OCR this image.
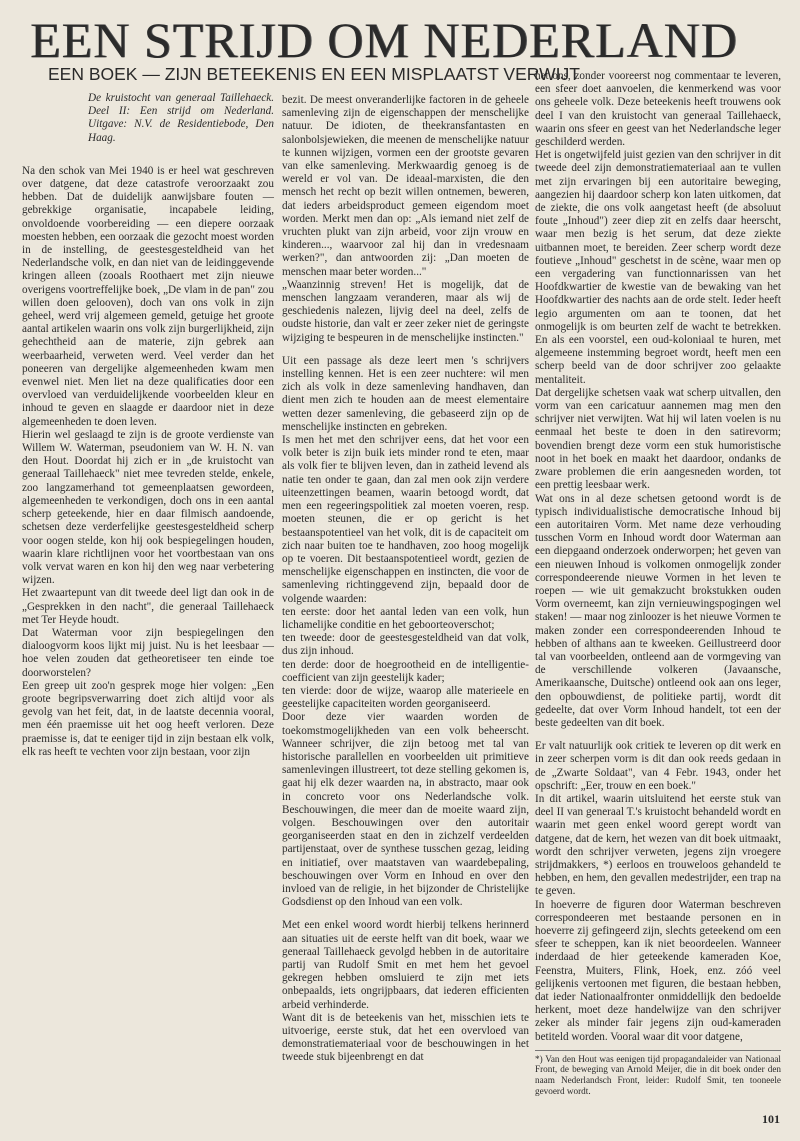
EEN STRIJD OM NEDERLAND
EEN BOEK — ZIJN BETEEKENIS EN EEN MISPLAATST VERWIJT

De kruistocht van generaal Taillehaeck. Deel II: Een strijd om Nederland. Uitgave: N.V. de Residentiebode, Den Haag.

Na den schok van Mei 1940 is er heel wat geschreven over datgene, dat deze catastrofe veroorzaakt zou hebben. Dat de duidelijk aanwijsbare fouten — gebrekkige organisatie, incapabele leiding, onvoldoende voorbereiding — een diepere oorzaak moesten hebben, een oorzaak die gezocht moest worden in de instelling, de geestesgesteldheid van het Nederlandsche volk, en dan niet van de leidinggevende kringen alleen (zooals Roothaert met zijn nieuwe overigens voortreffelijke boek, „De vlam in de pan" zou willen doen gelooven), doch van ons volk in zijn geheel, werd vrij algemeen gemeld, getuige het groote aantal artikelen waarin ons volk zijn burgerlijkheid, zijn gehechtheid aan de materie, zijn gebrek aan weerbaarheid, verweten werd. Veel verder dan het poneeren van dergelijke algemeenheden kwam men evenwel niet. Men liet na deze qualificaties door een overvloed van verduidelijkende voorbeelden kleur en inhoud te geven en slaagde er daardoor niet in deze algemeenheden te doen leven.

Hierin wel geslaagd te zijn is de groote verdienste van Willem W. Waterman, pseudoniem van W. H. N. van den Hout. Doordat hij zich er in „de kruistocht van generaal Taillehaeck" niet mee tevreden stelde, enkele, zoo langzamerhand tot gemeenplaatsen gewordeen, algemeenheden te verkondigen, doch ons in een aantal scherp geteekende, hier en daar filmisch aandoende, schetsen deze verderfelijke geestesgesteldheid scherp voor oogen stelde, kon hij ook bespiegelingen houden, waarin klare richtlijnen voor het voortbestaan van ons volk vervat waren en kon hij den weg naar verbetering wijzen.

Het zwaartepunt van dit tweede deel ligt dan ook in de „Gesprekken in den nacht", die generaal Taillehaeck met Ter Heyde houdt.

Dat Waterman voor zijn bespiegelingen den dialoogvorm koos lijkt mij juist. Nu is het leesbaar — hoe velen zouden dat getheoretiseer ten einde toe doorworstelen?

Een greep uit zoo'n gesprek moge hier volgen: „Een groote begripsverwarring doet zich altijd voor als gevolg van het feit, dat, in de laatste decennia vooral, men één praemisse uit het oog heeft verloren. Deze praemisse is, dat te eeniger tijd in zijn bestaan elk volk, elk ras heeft te vechten voor zijn bestaan, voor zijn

bezit. De meest onveranderlijke factoren in de geheele samenleving zijn de eigenschappen der menschelijke natuur. De idioten, de theekransfantasten en salonbolsjewieken, die meenen de menschelijke natuur te kunnen wijzigen, vormen een der grootste gevaren van elke samenleving. Merkwaardig genoeg is de wereld er vol van. De ideaal-marxisten, die den mensch het recht op bezit willen ontnemen, beweren, dat ieders arbeidsproduct gemeen eigendom moet worden. Merkt men dan op: „Als iemand niet zelf de vruchten plukt van zijn arbeid, voor zijn vrouw en kinderen..., waarvoor zal hij dan in vredesnaam werken?", dan antwoorden zij: „Dan moeten de menschen maar beter worden..."

„Waanzinnig streven! Het is mogelijk, dat de menschen langzaam veranderen, maar als wij de geschiedenis nalezen, lijvig deel na deel, zelfs de oudste historie, dan valt er zeer zeker niet de geringste wijziging te bespeuren in de menschelijke instincten."

Uit een passage als deze leert men 's schrijvers instelling kennen. Het is een zeer nuchtere: wil men zich als volk in deze samenleving handhaven, dan dient men zich te houden aan de meest elementaire wetten dezer samenleving, die gebaseerd zijn op de menschelijke instincten en gebreken.

Is men het met den schrijver eens, dat het voor een volk beter is zijn buik iets minder rond te eten, maar als volk fier te blijven leven, dan in zatheid levend als natie ten onder te gaan, dan zal men ook zijn verdere uiteenzettingen beamen, waarin betoogd wordt, dat men een regeeringspolitiek zal moeten voeren, resp. moeten steunen, die er op gericht is het bestaanspotentieel van het volk, dit is de capaciteit om zich naar buiten toe te handhaven, zoo hoog mogelijk op te voeren. Dit bestaanspotentieel wordt, gezien de menschelijke eigenschappen en instincten, die voor de samenleving richtinggevend zijn, bepaald door de volgende waarden:

ten eerste: door het aantal leden van een volk, hun lichamelijke conditie en het geboorteoverschot;

ten tweede: door de geestesgesteldheid van dat volk, dus zijn inhoud.

ten derde: door de hoegrootheid en de intelligentie-coefficient van zijn geestelijk kader;

ten vierde: door de wijze, waarop alle materieele en geestelijke capaciteiten worden georganiseerd.

Door deze vier waarden worden de toekomstmogelijkheden van een volk beheerscht. Wanneer schrijver, die zijn betoog met tal van historische parallellen en voorbeelden uit primitieve samenlevingen illustreert, tot deze stelling gekomen is, gaat hij elk dezer waarden na, in abstracto, maar ook in concreto voor ons Nederlandsche volk. Beschouwingen, die meer dan de moeite waard zijn, volgen. Beschouwingen over den autoritair georganiseerden staat en den in zichzelf verdeelden partijenstaat, over de synthese tusschen gezag, leiding en initiatief, over maatstaven van waardebepaling, beschouwingen over Vorm en Inhoud en over den invloed van de religie, in het bijzonder de Christelijke Godsdienst op den Inhoud van een volk.

Met een enkel woord wordt hierbij telkens herinnerd aan situaties uit de eerste helft van dit boek, waar we generaal Taillehaeck gevolgd hebben in de autoritaire partij van Rudolf Smit en met hem het gevoel gekregen hebben omsluierd te zijn met iets onbepaalds, iets ongrijpbaars, dat iederen efficienten arbeid verhinderde.

Want dit is de beteekenis van het, misschien iets te uitvoerige, eerste stuk, dat het een overvloed van demonstratiemateriaal voor de beschouwingen in het tweede stuk bijeenbrengt en dat

het ons, zonder vooreerst nog commentaar te leveren, een sfeer doet aanvoelen, die kenmerkend was voor ons geheele volk. Deze beteekenis heeft trouwens ook deel I van den kruistocht van generaal Taillehaeck, waarin ons sfeer en geest van het Nederlandsche leger geschilderd werden.

Het is ongetwijfeld juist gezien van den schrijver in dit tweede deel zijn demonstratiemateriaal aan te vullen met zijn ervaringen bij een autoritaire beweging, aangezien hij daardoor scherp kon laten uitkomen, dat de ziekte, die ons volk aangetast heeft (de absoluut foute „Inhoud") zeer diep zit en zelfs daar heerscht, waar men bezig is het serum, dat deze ziekte uitbannen moet, te bereiden. Zeer scherp wordt deze foutieve „Inhoud" geschetst in de scène, waar men op een vergadering van functionnarissen van het Hoofdkwartier de kwestie van de bewaking van het Hoofdkwartier des nachts aan de orde stelt. Ieder heeft legio argumenten om aan te toonen, dat het onmogelijk is om beurten zelf de wacht te betrekken. En als een voorstel, een oud-koloniaal te huren, met algemeene instemming begroet wordt, heeft men een scherp beeld van de door schrijver zoo gelaakte mentaliteit.

Dat dergelijke schetsen vaak wat scherp uitvallen, den vorm van een caricatuur aannemen mag men den schrijver niet verwijten. Wat hij wil laten voelen is nu eenmaal het beste te doen in den satirevorm; bovendien brengt deze vorm een stuk humoristische noot in het boek en maakt het daardoor, ondanks de zware problemen die erin aangesneden worden, tot een prettig leesbaar werk.

Wat ons in al deze schetsen getoond wordt is de typisch individualistische democratische Inhoud bij een autoritairen Vorm. Met name deze verhouding tusschen Vorm en Inhoud wordt door Waterman aan een diepgaand onderzoek onderworpen; het geven van een nieuwen Inhoud is volkomen onmogelijk zonder correspondeerende nieuwe Vormen in het leven te roepen — wie uit gemakzucht brokstukken ouden Vorm overneemt, kan zijn vernieuwingspogingen wel staken! — maar nog zinloozer is het nieuwe Vormen te maken zonder een correspondeerenden Inhoud te hebben of althans aan te kweeken. Geillustreerd door tal van voorbeelden, ontleend aan de vormgeving van de verschillende volkeren (Javaansche, Amerikaansche, Duitsche) ontleend ook aan ons leger, den opbouwdienst, de politieke partij, wordt dit gedeelte, dat over Vorm Inhoud handelt, tot een der beste gedeelten van dit boek.

Er valt natuurlijk ook critiek te leveren op dit werk en in zeer scherpen vorm is dit dan ook reeds gedaan in de „Zwarte Soldaat", van 4 Febr. 1943, onder het opschrift: „Eer, trouw en een boek."

In dit artikel, waarin uitsluitend het eerste stuk van deel II van generaal T.'s kruistocht behandeld wordt en waarin met geen enkel woord gerept wordt van datgene, dat de kern, het wezen van dit boek uitmaakt, wordt den schrijver verweten, jegens zijn vroegere strijdmakkers, *) eerloos en trouweloos gehandeld te hebben, en hem, den gevallen medestrijder, een trap na te geven.

In hoeverre de figuren door Waterman beschreven correspondeeren met bestaande personen en in hoeverre zij gefingeerd zijn, slechts geteekend om een sfeer te scheppen, kan ik niet beoordeelen. Wanneer inderdaad de hier geteekende kameraden Koe, Feenstra, Muiters, Flink, Hoek, enz. zóó veel gelijkenis vertoonen met figuren, die bestaan hebben, dat ieder Nationaalfronter onmiddellijk den bedoelde herkent, moet deze handelwijze van den schrijver zeker als minder fair jegens zijn oud-kameraden betiteld worden. Vooral waar dit voor datgene,

*) Van den Hout was eenigen tijd propagandaleider van Nationaal Front, de beweging van Arnold Meijer, die in dit boek onder den naam Nederlandsch Front, leider: Rudolf Smit, ten tooneele gevoerd wordt.

101
